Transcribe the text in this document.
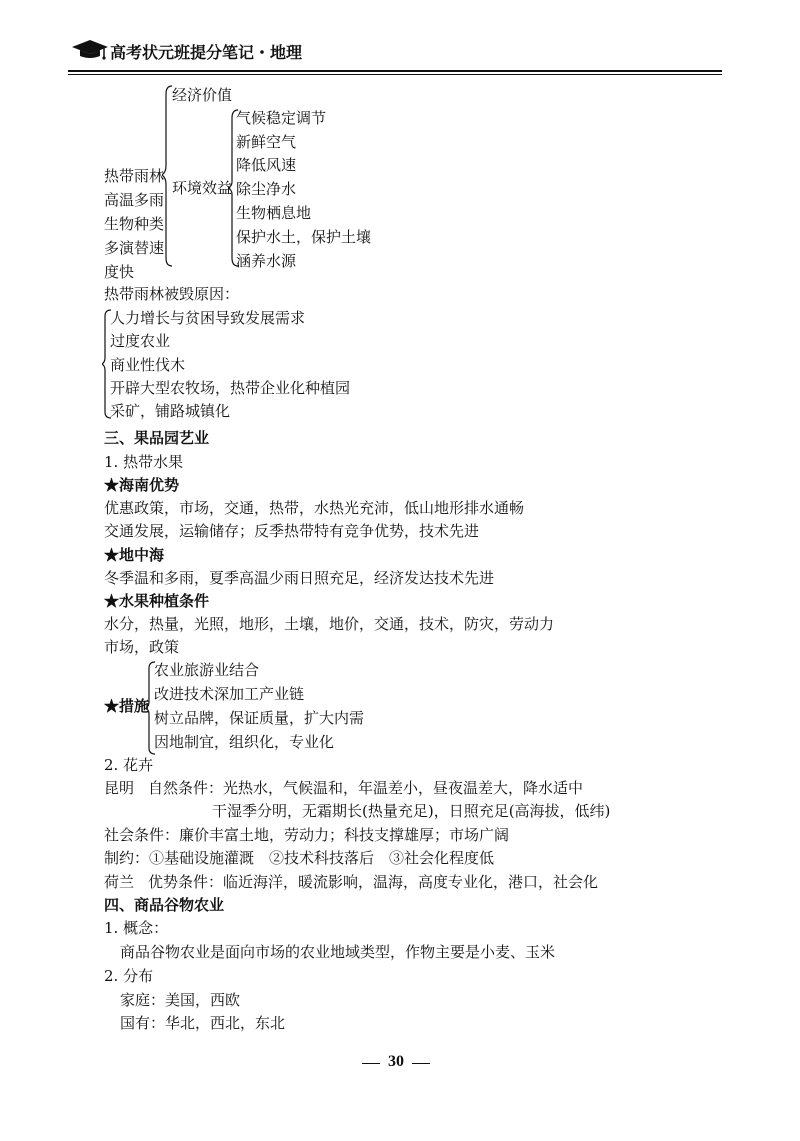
高考状元班提分笔记・地理
热带雨林
高温多雨
生物种类
多演替速
度快
经济价值
环境效益
气候稳定调节
新鲜空气
降低风速
除尘净水
生物栖息地
保护水土，保护土壤
涵养水源
热带雨林被毁原因：
人力增长与贫困导致发展需求
过度农业
商业性伐木
开辟大型农牧场，热带企业化种植园
采矿，铺路城镇化
三、果品园艺业
1. 热带水果
★海南优势
优惠政策，市场，交通，热带，水热光充沛，低山地形排水通畅
交通发展，运输储存；反季热带特有竞争优势，技术先进
★地中海
冬季温和多雨，夏季高温少雨日照充足，经济发达技术先进
★水果种植条件
水分，热量，光照，地形，土壤，地价，交通，技术，防灾，劳动力
市场，政策
★措施
农业旅游业结合
改进技术深加工产业链
树立品牌，保证质量，扩大内需
因地制宜，组织化，专业化
2. 花卉
昆明 自然条件：光热水，气候温和，年温差小，昼夜温差大，降水适中
干湿季分明，无霜期长(热量充足)，日照充足(高海拔，低纬)
社会条件：廉价丰富土地，劳动力；科技支撑雄厚；市场广阔
制约：①基础设施灌溉　②技术科技落后　③社会化程度低
荷兰 优势条件：临近海洋，暖流影响，温海，高度专业化，港口，社会化
四、商品谷物农业
1. 概念：
商品谷物农业是面向市场的农业地域类型，作物主要是小麦、玉米
2. 分布
家庭：美国，西欧
国有：华北，西北，东北
30
